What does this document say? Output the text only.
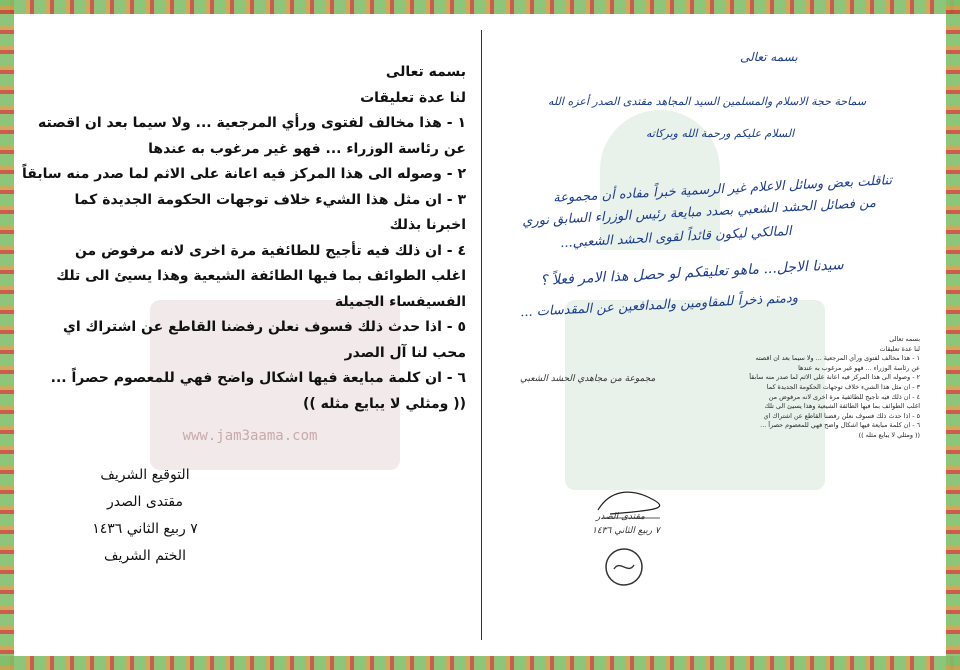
www.jam3aama.com
بسمه تعالى
لنا عدة تعليقات
١ - هذا مخالف لفتوى ورأي المرجعية ... ولا سيما بعد ان اقصته
عن رئاسة الوزراء ... فهو غير مرغوب به عندها
٢ - وصوله الى هذا المركز فيه اعانة على الاثم لما صدر منه سابقاً
٣ - ان مثل هذا الشيء خلاف توجهات الحكومة الجديدة كما
اخبرنا بذلك
٤ - ان ذلك فيه تأجيج للطائفية مرة اخرى لانه مرفوض من
اغلب الطوائف بما فيها الطائفة الشيعية وهذا يسيئ الى تلك
الفسيفساء الجميلة
٥ - اذا حدث ذلك فسوف نعلن رفضنا القاطع عن اشتراك اي
محب لنا آل الصدر
٦ - ان كلمة مبايعة فيها اشكال واضح فهي للمعصوم حصراً ...
(( ومثلي لا يبايع مثله ))
التوقيع الشريف
مقتدى الصدر
٧ ربيع الثاني ١٤٣٦
الختم الشريف
بسمه تعالى
سماحة حجة الاسلام والمسلمين السيد المجاهد مقتدى الصدر أعزه الله
السلام عليكم ورحمة الله وبركاته
تناقلت بعض وسائل الاعلام غير الرسمية خبراً مفاده أن مجموعة
من فصائل الحشد الشعبي بصدد مبايعة رئيس الوزراء السابق نوري
المالكي ليكون قائداً لقوى الحشد الشعبي...
سيدنا الاجل... ماهو تعليقكم لو حصل هذا الامر فعلاً ؟
ودمتم ذخراً للمقاومين والمدافعين عن المقدسات ...
بسمه تعالى
لنا عدة تعليقات
١ - هذا مخالف لفتوى ورأي المرجعية ... ولا سيما بعد ان اقصته
عن رئاسة الوزراء ... فهو غير مرغوب به عندها
٢ - وصوله الى هذا المركز فيه اعانة على الاثم لما صدر منه سابقاً
٣ - ان مثل هذا الشيء خلاف توجهات الحكومة الجديدة كما
٤ - ان ذلك فيه تأجيج للطائفية مرة اخرى لانه مرفوض من
اغلب الطوائف بما فيها الطائفة الشيعية وهذا يسيئ الى تلك
٥ - اذا حدث ذلك فسوف نعلن رفضنا القاطع عن اشتراك اي
٦ - ان كلمة مبايعة فيها اشكال واضح فهي للمعصوم حصراً ...
(( ومثلي لا يبايع مثله ))
مجموعة من مجاهدي الحشد الشعبي
مقتدى الصدر
٧ ربيع الثاني ١٤٣٦
